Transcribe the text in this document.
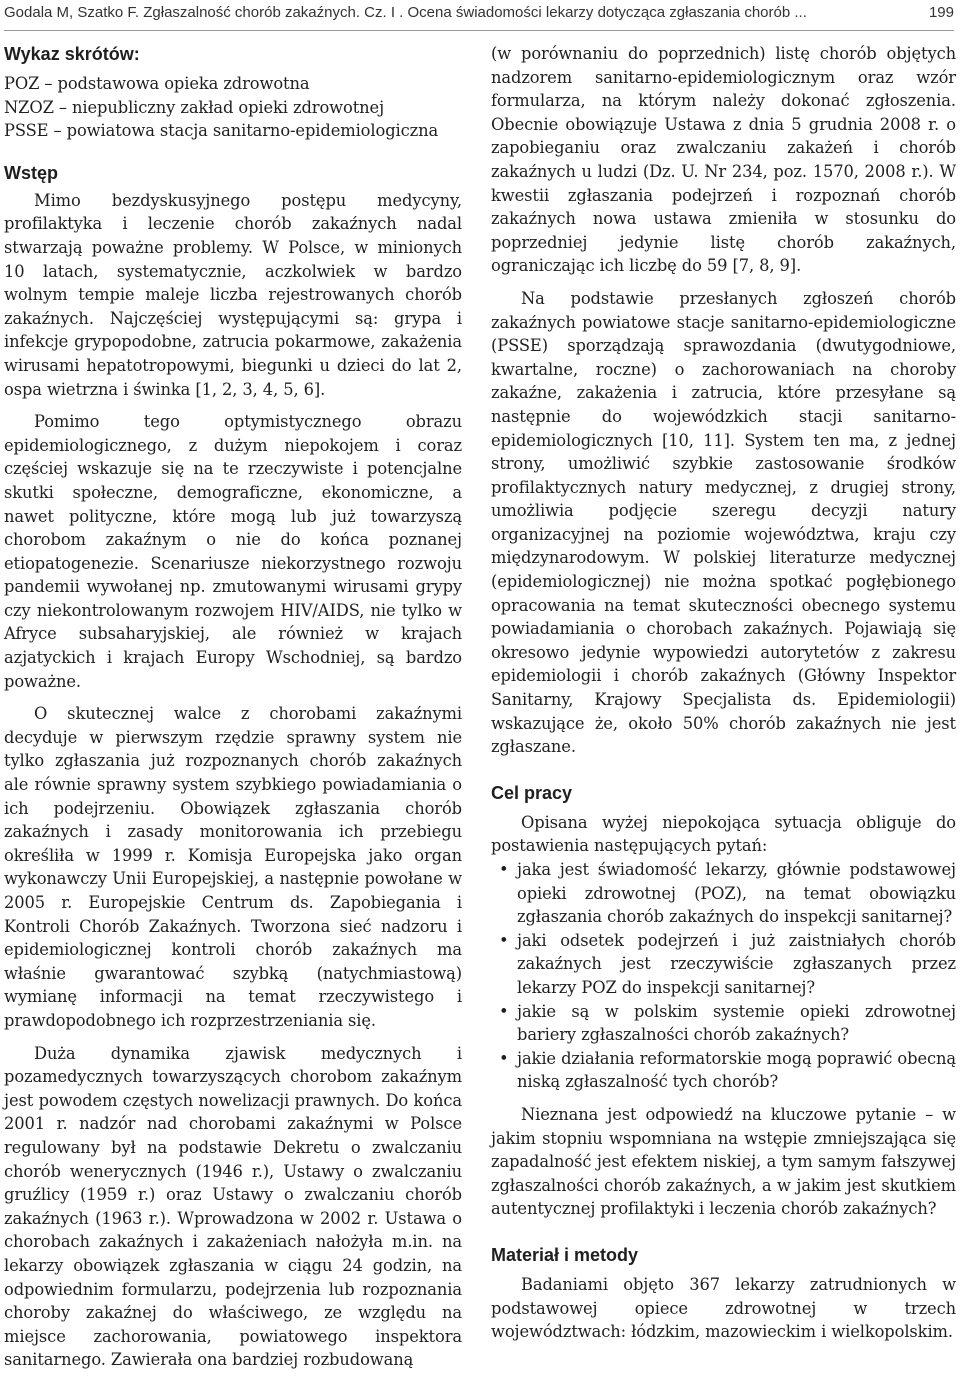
Godala M, Szatko F. Zgłaszalność chorób zakaźnych. Cz. I . Ocena świadomości lekarzy dotycząca zgłaszania chorób ...	199
Wykaz skrótów:

POZ – podstawowa opieka zdrowotna

NZOZ – niepubliczny zakład opieki zdrowotnej

PSSE – powiatowa stacja sanitarno-epidemiologiczna

Wstęp

Mimo bezdyskusyjnego postępu medycyny, profilaktyka i leczenie chorób zakaźnych nadal stwarzają poważne problemy. W Polsce, w minionych 10 latach, systematycznie, aczkolwiek w bardzo wolnym tempie maleje liczba rejestrowanych chorób zakaźnych. Najczęściej występującymi są: grypa i infekcje grypopodobne, zatrucia pokarmowe, zakażenia wirusami hepatotropowymi, biegunki u dzieci do lat 2, ospa wietrzna i świnka [1, 2, 3, 4, 5, 6].

Pomimo tego optymistycznego obrazu epidemiologicznego, z dużym niepokojem i coraz częściej wskazuje się na te rzeczywiste i potencjalne skutki społeczne, demograficzne, ekonomiczne, a nawet polityczne, które mogą lub już towarzyszą chorobom zakaźnym o nie do końca poznanej etiopatogenezie. Scenariusze niekorzystnego rozwoju pandemii wywołanej np. zmutowanymi wirusami grypy czy niekontrolowanym rozwojem HIV/AIDS, nie tylko w Afryce subsaharyjskiej, ale również w krajach azjatyckich i krajach Europy Wschodniej, są bardzo poważne.

O skutecznej walce z chorobami zakaźnymi decyduje w pierwszym rzędzie sprawny system nie tylko zgłaszania już rozpoznanych chorób zakaźnych ale równie sprawny system szybkiego powiadamiania o ich podejrzeniu. Obowiązek zgłaszania chorób zakaźnych i zasady monitorowania ich przebiegu określiła w 1999 r. Komisja Europejska jako organ wykonawczy Unii Europejskiej, a następnie powołane w 2005 r. Europejskie Centrum ds. Zapobiegania i Kontroli Chorób Zakaźnych. Tworzona sieć nadzoru i epidemiologicznej kontroli chorób zakaźnych ma właśnie gwarantować szybką (natychmiastową) wymianę informacji na temat rzeczywistego i prawdopodobnego ich rozprzestrzeniania się.

Duża dynamika zjawisk medycznych i pozamedycznych towarzyszących chorobom zakaźnym jest powodem częstych nowelizacji prawnych. Do końca 2001 r. nadzór nad chorobami zakaźnymi w Polsce regulowany był na podstawie Dekretu o zwalczaniu chorób wenerycznych (1946 r.), Ustawy o zwalczaniu gruźlicy (1959 r.) oraz Ustawy o zwalczaniu chorób zakaźnych (1963 r.). Wprowadzona w 2002 r. Ustawa o chorobach zakaźnych i zakażeniach nałożyła m.in. na lekarzy obowiązek zgłaszania w ciągu 24 godzin, na odpowiednim formularzu, podejrzenia lub rozpoznania choroby zakaźnej do właściwego, ze względu na miejsce zachorowania, powiatowego inspektora sanitarnego. Zawierała ona bardziej rozbudowaną

(w porównaniu do poprzednich) listę chorób objętych nadzorem sanitarno-epidemiologicznym oraz wzór formularza, na którym należy dokonać zgłoszenia. Obecnie obowiązuje Ustawa z dnia 5 grudnia 2008 r. o zapobieganiu oraz zwalczaniu zakażeń i chorób zakaźnych u ludzi (Dz. U. Nr 234, poz. 1570, 2008 r.). W kwestii zgłaszania podejrzeń i rozpoznań chorób zakaźnych nowa ustawa zmieniła w stosunku do poprzedniej jedynie listę chorób zakaźnych, ograniczając ich liczbę do 59 [7, 8, 9].

Na podstawie przesłanych zgłoszeń chorób zakaźnych powiatowe stacje sanitarno-epidemiologiczne (PSSE) sporządzają sprawozdania (dwutygodniowe, kwartalne, roczne) o zachorowaniach na choroby zakaźne, zakażenia i zatrucia, które przesyłane są następnie do wojewódzkich stacji sanitarno-epidemiologicznych [10, 11]. System ten ma, z jednej strony, umożliwić szybkie zastosowanie środków profilaktycznych natury medycznej, z drugiej strony, umożliwia podjęcie szeregu decyzji natury organizacyjnej na poziomie województwa, kraju czy międzynarodowym. W polskiej literaturze medycznej (epidemiologicznej) nie można spotkać pogłębionego opracowania na temat skuteczności obecnego systemu powiadamiania o chorobach zakaźnych. Pojawiają się okresowo jedynie wypowiedzi autorytetów z zakresu epidemiologii i chorób zakaźnych (Główny Inspektor Sanitarny, Krajowy Specjalista ds. Epidemiologii) wskazujące że, około 50% chorób zakaźnych nie jest zgłaszane.

Cel pracy

Opisana wyżej niepokojąca sytuacja obliguje do postawienia następujących pytań:

• jaka jest świadomość lekarzy, głównie podstawowej opieki zdrowotnej (POZ), na temat obowiązku zgłaszania chorób zakaźnych do inspekcji sanitarnej?
• jaki odsetek podejrzeń i już zaistniałych chorób zakaźnych jest rzeczywiście zgłaszanych przez lekarzy POZ do inspekcji sanitarnej?
• jakie są w polskim systemie opieki zdrowotnej bariery zgłaszalności chorób zakaźnych?
• jakie działania reformatorskie mogą poprawić obecną niską zgłaszalność tych chorób?

Nieznana jest odpowiedź na kluczowe pytanie – w jakim stopniu wspomniana na wstępie zmniejszająca się zapadalność jest efektem niskiej, a tym samym fałszywej zgłaszalności chorób zakaźnych, a w jakim jest skutkiem autentycznej profilaktyki i leczenia chorób zakaźnych?

Materiał i metody

Badaniami objęto 367 lekarzy zatrudnionych w podstawowej opiece zdrowotnej w trzech województwach: łódzkim, mazowieckim i wielkopolskim.
